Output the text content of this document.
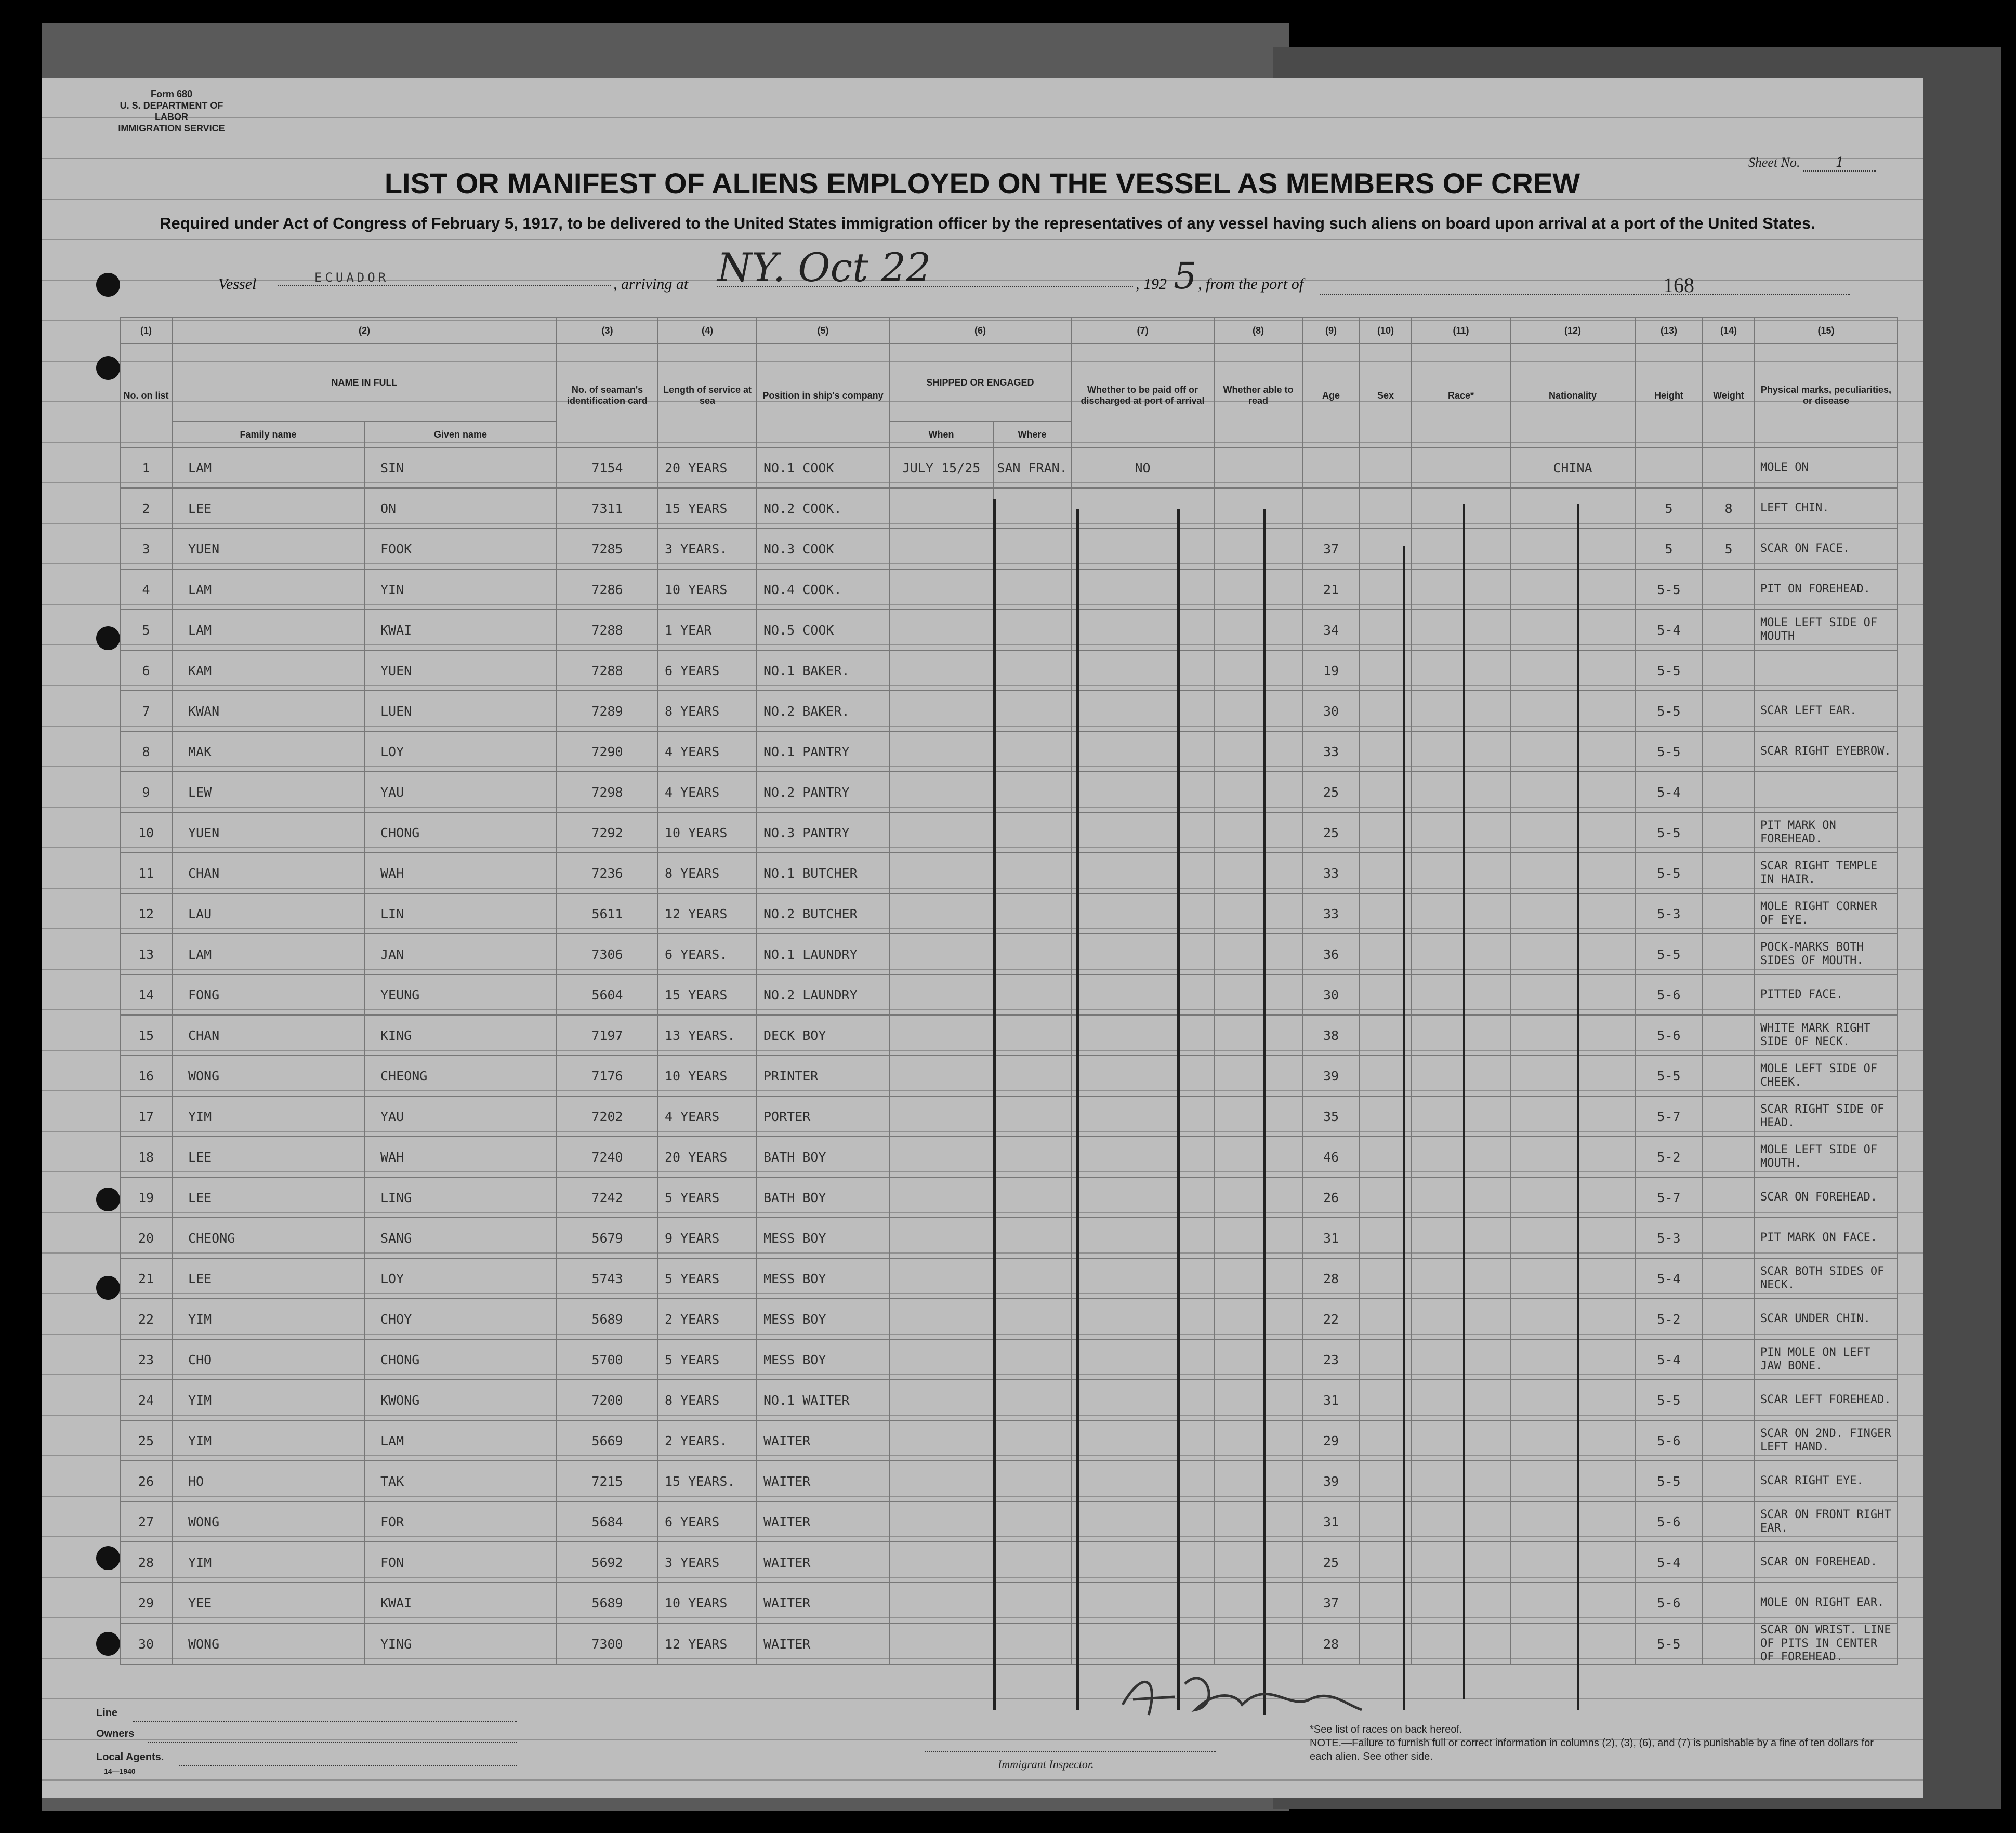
Form 680
U. S. DEPARTMENT OF LABOR
IMMIGRATION SERVICE
Sheet No.	1
LIST OR MANIFEST OF ALIENS EMPLOYED ON THE VESSEL AS MEMBERS OF CREW
Required under Act of Congress of February 5, 1917, to be delivered to the United States immigration officer by the representatives of any vessel having such aliens on board upon arrival at a port of the United States.
Vessel	ECUADOR	, arriving at NY. Oct 22	, 192 5 , from the port of	168
(1)	(2)		(3)	(4)	(5)	(6)		(7)	(8)	(9)	(10)	(11)	(12)	(13)	(14)	(15)
No. on list	NAME IN FULL		No. of seaman's identification card	Length of service at sea	Position in ship's company	SHIPPED OR ENGAGED		Whether to be paid off or discharged at port of arrival	Whether able to read	Age	Sex	Race*	Nationality	Height	Weight	Physical marks, peculiarities, or disease
	Family name	Given name				When	Where									
1	LAM	SIN	7154	20 YEARS	NO.1 COOK	JULY 15/25	SAN FRAN.	NO					CHINA			MOLE ON
2	LEE	ON	7311	15 YEARS	NO.2 COOK.									5	8	LEFT CHIN.
3	YUEN	FOOK	7285	3 YEARS.	NO.3 COOK					37				5	5	SCAR ON FACE.
4	LAM	YIN	7286	10 YEARS	NO.4 COOK.					21				5-5		PIT ON FOREHEAD.
5	LAM	KWAI	7288	1 YEAR	NO.5 COOK					34				5-4		MOLE LEFT SIDE OF MOUTH
6	KAM	YUEN	7288	6 YEARS	NO.1 BAKER.					19				5-5		
7	KWAN	LUEN	7289	8 YEARS	NO.2 BAKER.					30				5-5		SCAR LEFT EAR.
8	MAK	LOY	7290	4 YEARS	NO.1 PANTRY					33				5-5		SCAR RIGHT EYEBROW.
9	LEW	YAU	7298	4 YEARS	NO.2 PANTRY					25				5-4		
10	YUEN	CHONG	7292	10 YEARS	NO.3 PANTRY					25				5-5		PIT MARK ON FOREHEAD.
11	CHAN	WAH	7236	8 YEARS	NO.1 BUTCHER					33				5-5		SCAR RIGHT TEMPLE IN HAIR.
12	LAU	LIN	5611	12 YEARS	NO.2 BUTCHER					33				5-3		MOLE RIGHT CORNER OF EYE.
13	LAM	JAN	7306	6 YEARS.	NO.1 LAUNDRY					36				5-5		POCK-MARKS BOTH SIDES OF MOUTH.
14	FONG	YEUNG	5604	15 YEARS	NO.2 LAUNDRY					30				5-6		PITTED FACE.
15	CHAN	KING	7197	13 YEARS.	DECK BOY					38				5-6		WHITE MARK RIGHT SIDE OF NECK.
16	WONG	CHEONG	7176	10 YEARS	PRINTER					39				5-5		MOLE LEFT SIDE OF CHEEK.
17	YIM	YAU	7202	4 YEARS	PORTER					35				5-7		SCAR RIGHT SIDE OF HEAD.
18	LEE	WAH	7240	20 YEARS	BATH BOY					46				5-2		MOLE LEFT SIDE OF MOUTH.
19	LEE	LING	7242	5 YEARS	BATH BOY					26				5-7		SCAR ON FOREHEAD.
20	CHEONG	SANG	5679	9 YEARS	MESS BOY					31				5-3		PIT MARK ON FACE.
21	LEE	LOY	5743	5 YEARS	MESS BOY					28				5-4		SCAR BOTH SIDES OF NECK.
22	YIM	CHOY	5689	2 YEARS	MESS BOY					22				5-2		SCAR UNDER CHIN.
23	CHO	CHONG	5700	5 YEARS	MESS BOY					23				5-4		PIN MOLE ON LEFT JAW BONE.
24	YIM	KWONG	7200	8 YEARS	NO.1 WAITER					31				5-5		SCAR LEFT FOREHEAD.
25	YIM	LAM	5669	2 YEARS.	WAITER					29				5-6		SCAR ON 2ND. FINGER LEFT HAND.
26	HO	TAK	7215	15 YEARS.	WAITER					39				5-5		SCAR RIGHT EYE.
27	WONG	FOR	5684	6 YEARS	WAITER					31				5-6		SCAR ON FRONT RIGHT EAR.
28	YIM	FON	5692	3 YEARS	WAITER					25				5-4		SCAR ON FOREHEAD.
29	YEE	KWAI	5689	10 YEARS	WAITER					37				5-6		MOLE ON RIGHT EAR.
30	WONG	YING	7300	12 YEARS	WAITER					28				5-5		SCAR ON WRIST. LINE OF PITS IN CENTER OF FOREHEAD.
Line
Owners
Local Agents.
14—1940
Immigrant Inspector.
*See list of races on back hereof.
NOTE.—Failure to furnish full or correct information in columns (2), (3), (6), and (7) is punishable by a fine of ten dollars for each alien. See other side.
